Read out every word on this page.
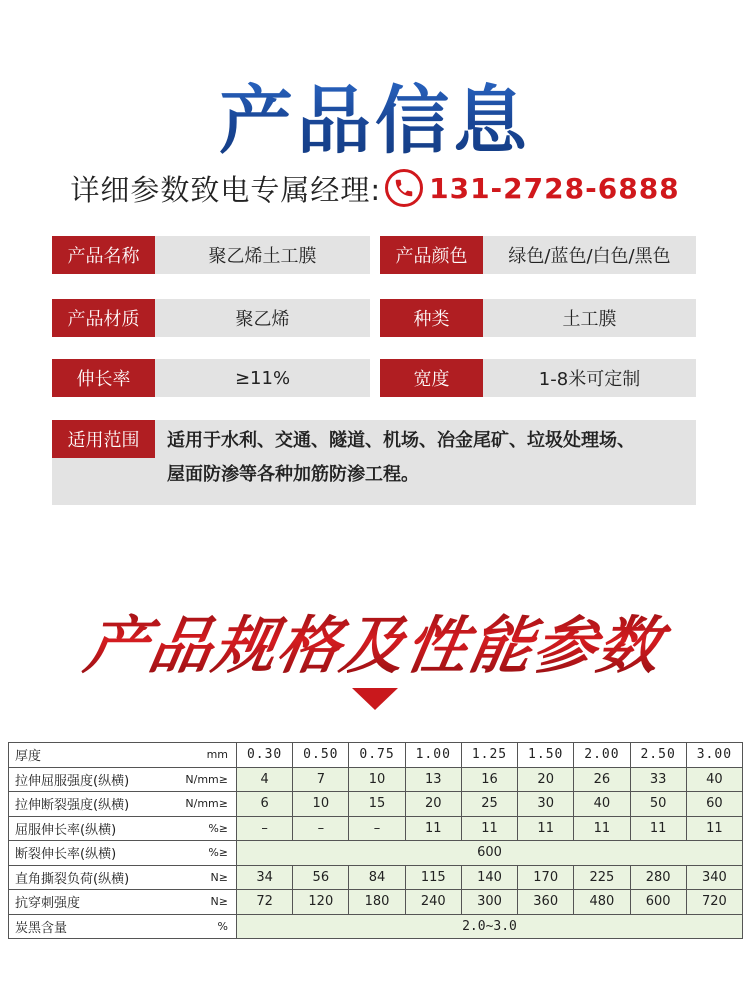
产品信息
详细参数致电专属经理: 131-2728-6888
产品名称	聚乙烯土工膜	产品颜色	绿色/蓝色/白色/黑色
产品材质	聚乙烯	种类	土工膜
伸长率	≥11%	宽度	1-8米可定制
适用范围	适用于水利、交通、隧道、机场、冶金尾矿、垃圾处理场、
屋面防渗等各种加筋防渗工程。
产品规格及性能参数
厚度	mm	0.30	0.50	0.75	1.00	1.25	1.50	2.00	2.50	3.00
拉伸屈服强度(纵横)	N/mm≥	4	7	10	13	16	20	26	33	40
拉伸断裂强度(纵横)	N/mm≥	6	10	15	20	25	30	40	50	60
屈服伸长率(纵横)	%≥	–	–	–	11	11	11	11	11	11
断裂伸长率(纵横)	%≥	600								
直角撕裂负荷(纵横)	N≥	34	56	84	115	140	170	225	280	340
抗穿刺强度	N≥	72	120	180	240	300	360	480	600	720
炭黑含量	%	2.0~3.0								
